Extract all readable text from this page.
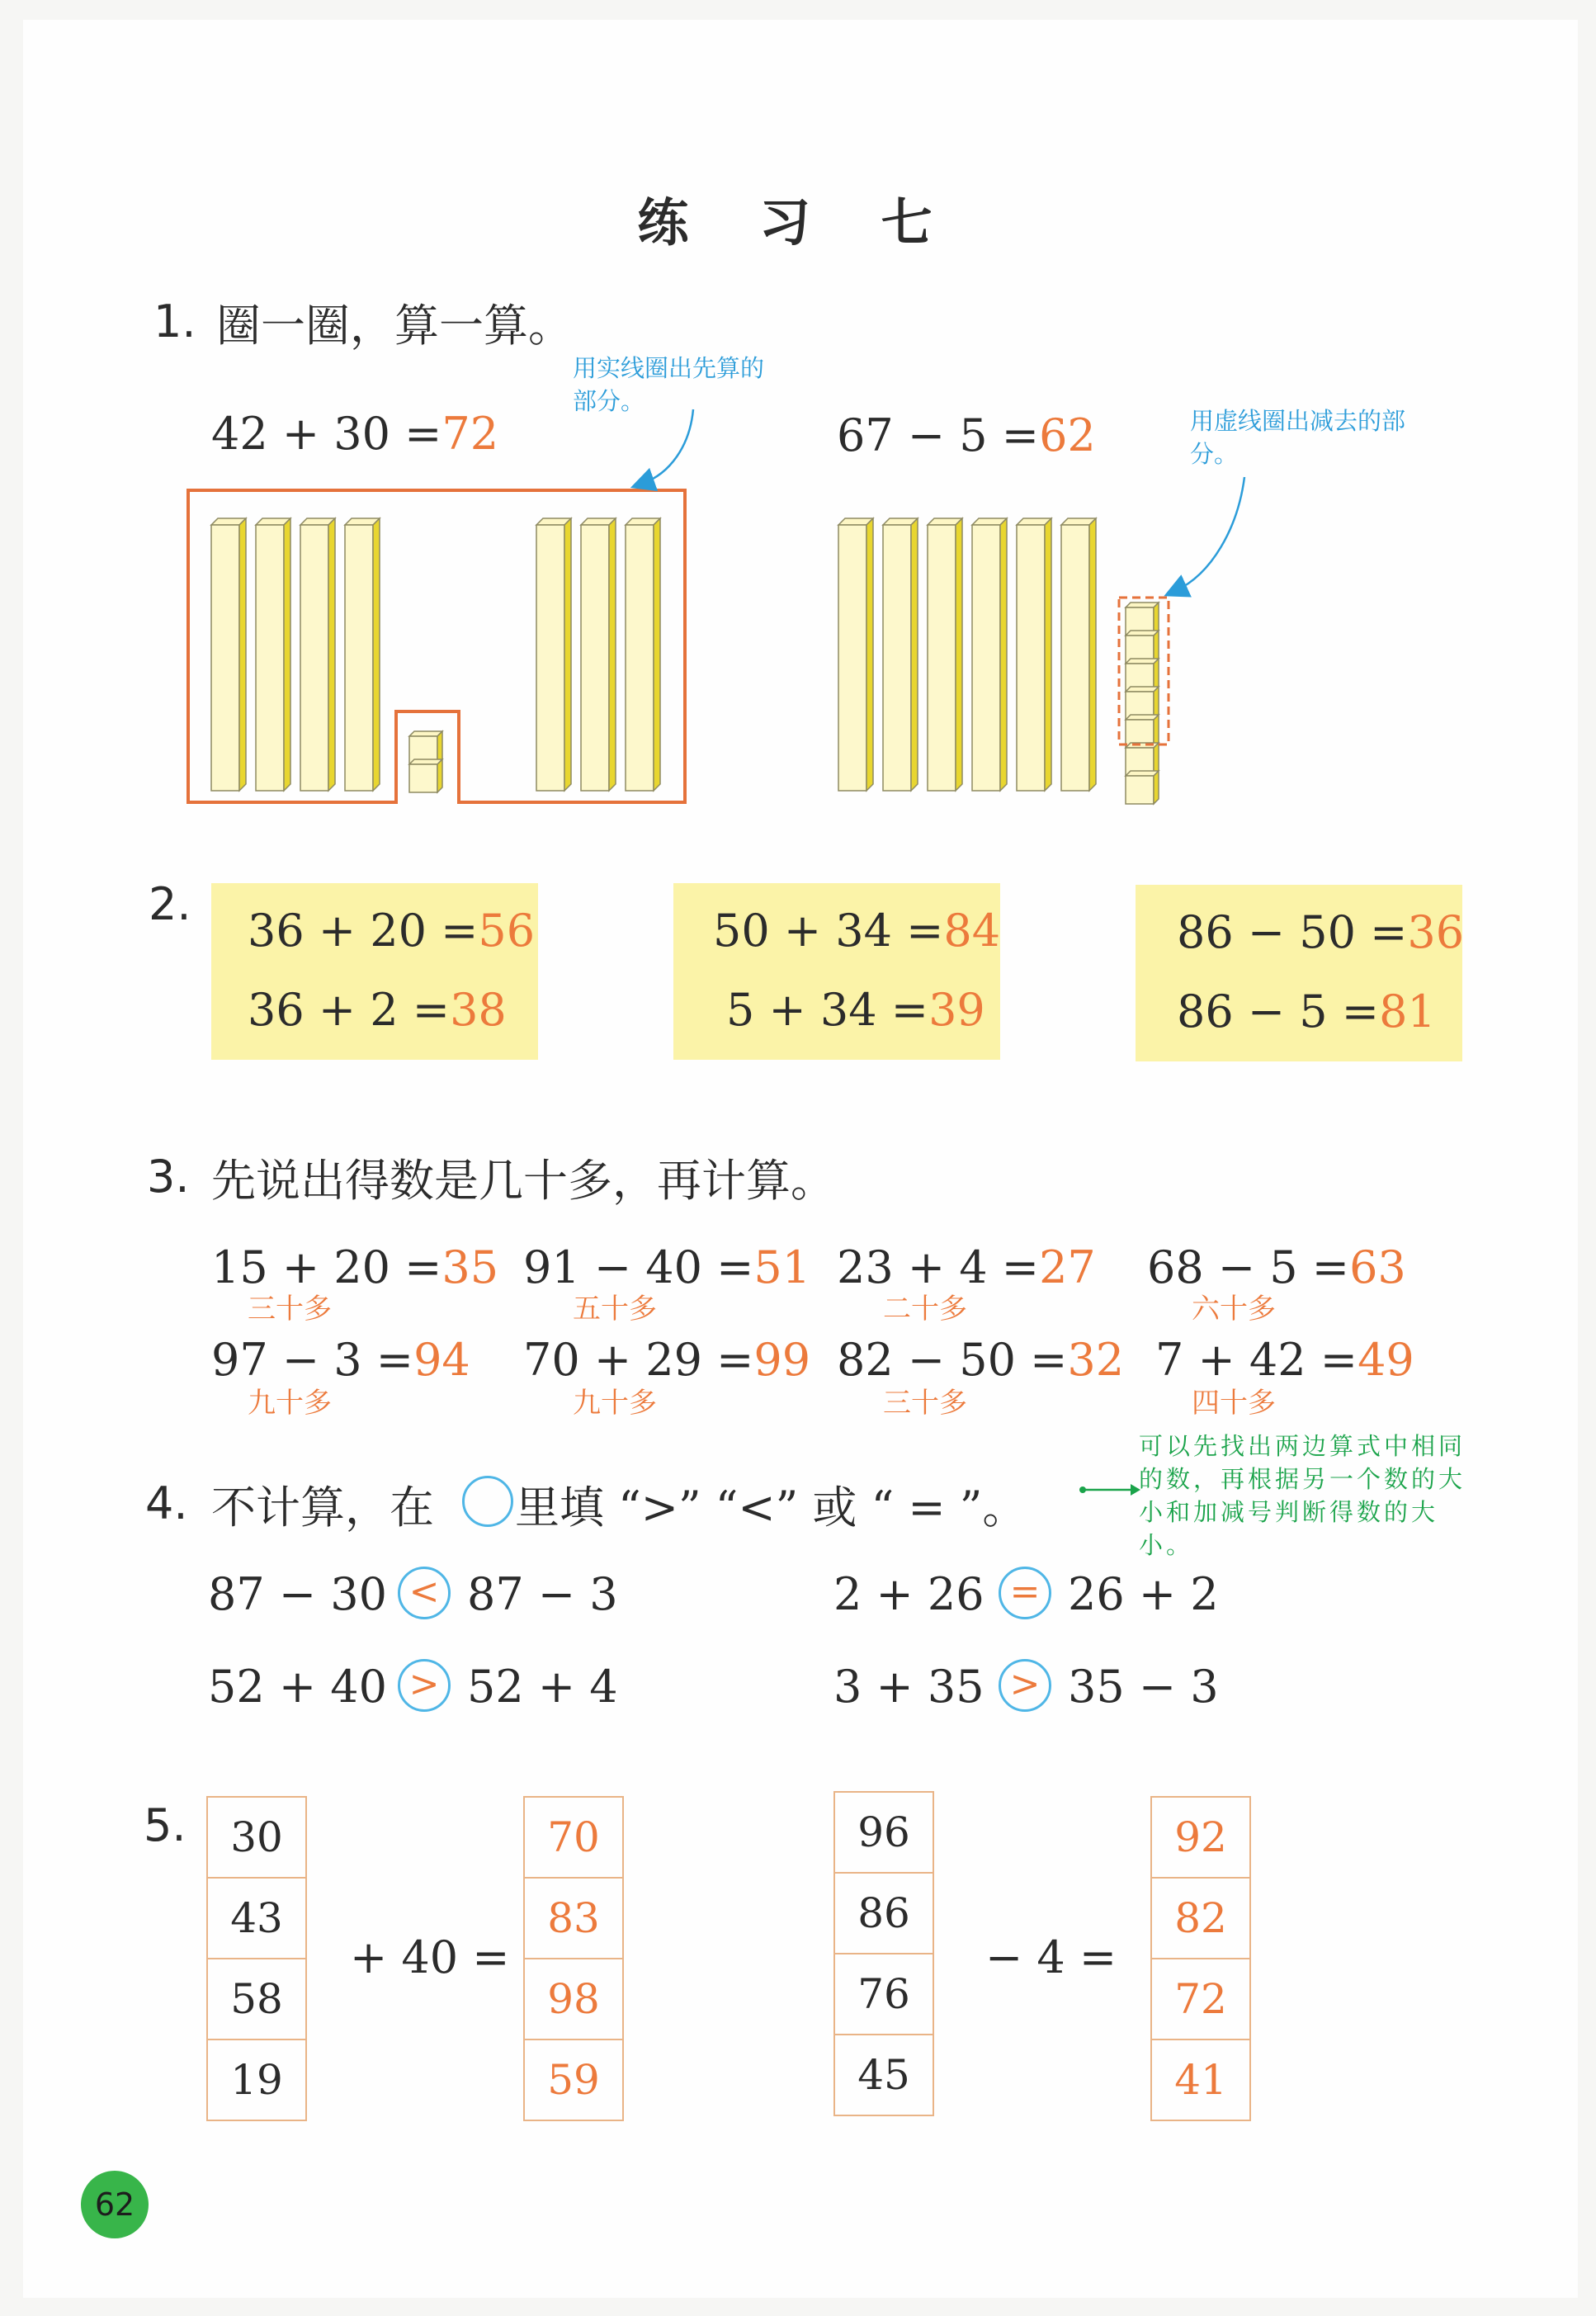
练 习 七
1. 圈一圈，算一算。
42 + 30 =72	67 − 5 =62
用实线圈出先算的部分。
用虚线圈出减去的部分。
2.
36 + 20 =56
36 + 2 =38
50 + 34 =84
5 + 34 =39
86 − 50 =36
86 − 5 =81
3. 先说出得数是几十多，再计算。
15 + 20 =35
三十多
91 − 40 =51
五十多
23 + 4 =27
二十多
68 − 5 =63
六十多
97 − 3 =94
九十多
70 + 29 =99
九十多
82 − 50 =32
三十多
7 + 42 =49
四十多
4. 不计算，在 里填 “>” “<” 或 “ = ”。
可以先找出两边算式中相同的数，再根据另一个数的大小和加减号判断得数的大小。
87 − 30 < 87 − 3	2 + 26 = 26 + 2
52 + 40 > 52 + 4	3 + 35 > 35 − 3
5. 30
43
58
19
+ 40 =
70
83
98
59
96
86
76
45
− 4 =
92
82
72
41
62
